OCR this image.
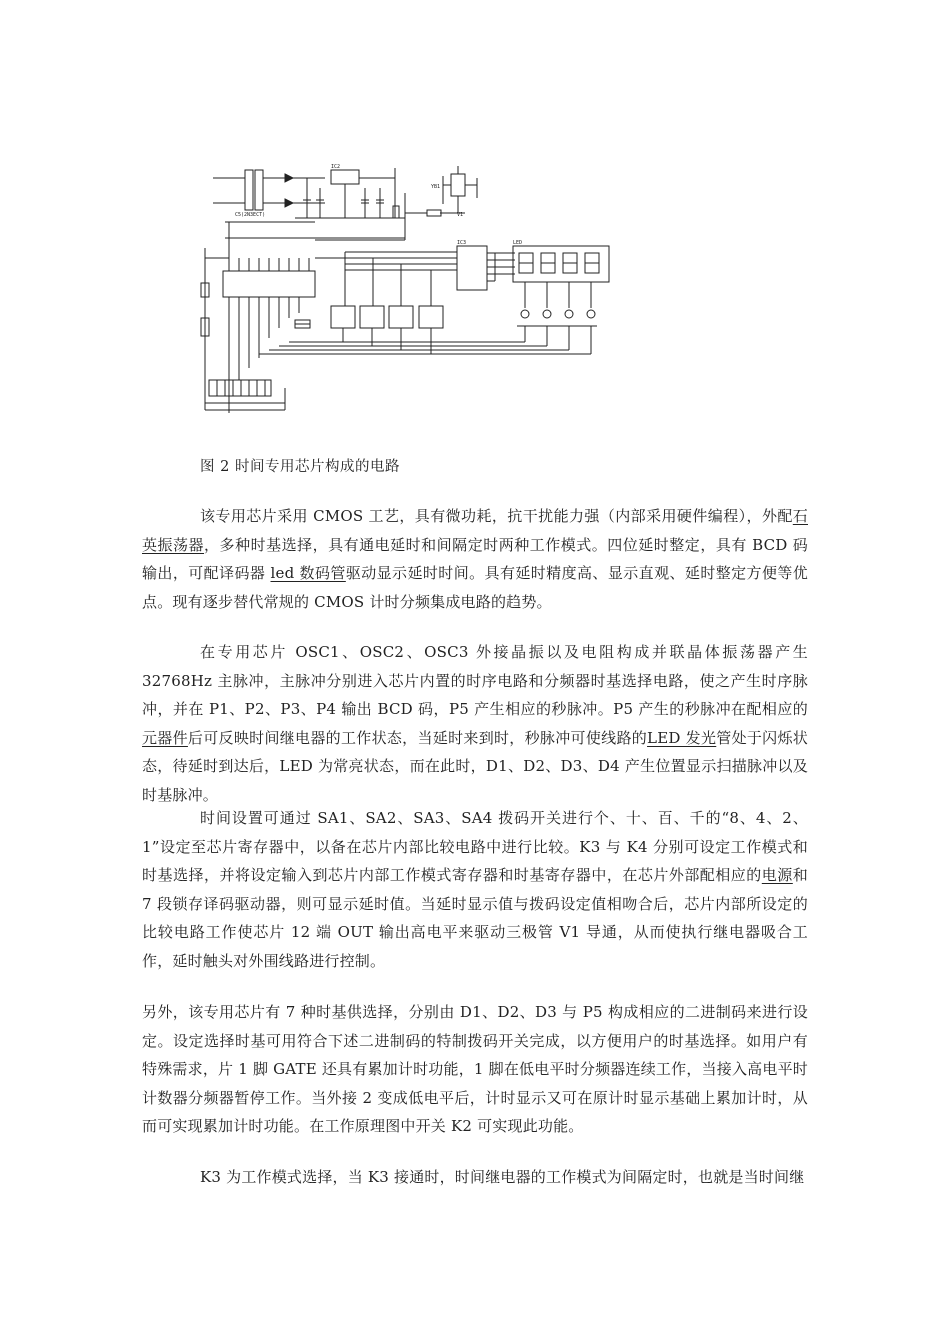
IC2
IC3	LED
YB1
V1
C5(2N3ECT)
图 2 时间专用芯片构成的电路

该专用芯片采用 CMOS 工艺，具有微功耗，抗干扰能力强（内部采用硬件编程），外配石英振荡器，多种时基选择，具有通电延时和间隔定时两种工作模式。四位延时整定，具有 BCD 码输出，可配译码器 led 数码管驱动显示延时时间。具有延时精度高、显示直观、延时整定方便等优点。现有逐步替代常规的 CMOS 计时分频集成电路的趋势。

在专用芯片 OSC1、OSC2、OSC3 外接晶振以及电阻构成并联晶体振荡器产生 32768Hz 主脉冲，主脉冲分别进入芯片内置的时序电路和分频器时基选择电路，使之产生时序脉冲，并在 P1、P2、P3、P4 输出 BCD 码，P5 产生相应的秒脉冲。P5 产生的秒脉冲在配相应的元器件后可反映时间继电器的工作状态，当延时来到时，秒脉冲可使线路的LED 发光管处于闪烁状态，待延时到达后，LED 为常亮状态，而在此时，D1、D2、D3、D4 产生位置显示扫描脉冲以及时基脉冲。

时间设置可通过 SA1、SA2、SA3、SA4 拨码开关进行个、十、百、千的“8、4、2、1”设定至芯片寄存器中，以备在芯片内部比较电路中进行比较。K3 与 K4 分别可设定工作模式和时基选择，并将设定输入到芯片内部工作模式寄存器和时基寄存器中，在芯片外部配相应的电源和 7 段锁存译码驱动器，则可显示延时值。当延时显示值与拨码设定值相吻合后，芯片内部所设定的比较电路工作使芯片 12 端 OUT 输出高电平来驱动三极管 V1 导通，从而使执行继电器吸合工作，延时触头对外围线路进行控制。

另外，该专用芯片有 7 种时基供选择，分别由 D1、D2、D3 与 P5 构成相应的二进制码来进行设定。设定选择时基可用符合下述二进制码的特制拨码开关完成，以方便用户的时基选择。如用户有特殊需求，片 1 脚 GATE 还具有累加计时功能，1 脚在低电平时分频器连续工作，当接入高电平时计数器分频器暂停工作。当外接 2 变成低电平后，计时显示又可在原计时显示基础上累加计时，从而可实现累加计时功能。在工作原理图中开关 K2 可实现此功能。

K3 为工作模式选择，当 K3 接通时，时间继电器的工作模式为间隔定时，也就是当时间继
